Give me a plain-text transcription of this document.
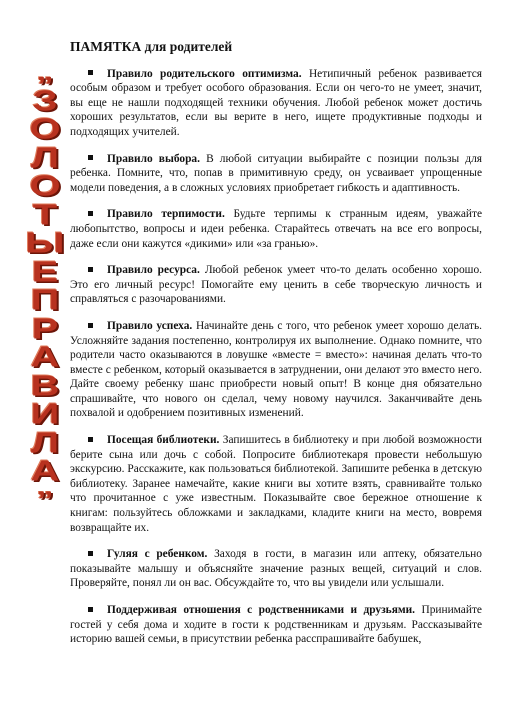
„
З
О
Л
О
Т
Ы
Е
П
Р
А
В
И
Л
А
”
ПАМЯТКА для родителей

Правило родительского оптимизма. Нетипичный ребенок развивается особым образом и требует особого образования. Если он чего-то не умеет, значит, вы еще не нашли подходящей техники обучения. Любой ребенок может достичь хороших результатов, если вы верите в него, ищете продуктивные подходы и подходящих учителей.

Правило выбора. В любой ситуации выбирайте с позиции пользы для ребенка. Помните, что, попав в примитивную среду, он усваивает упрощенные модели поведения, а в сложных условиях приобретает гибкость и адаптивность.

Правило терпимости. Будьте терпимы к странным идеям, уважайте любопытство, вопросы и идеи ребенка. Старайтесь отвечать на все его вопросы, даже если они кажутся «дикими» или «за гранью».

Правило ресурса. Любой ребенок умеет что-то делать особенно хорошо. Это его личный ресурс! Помогайте ему ценить в себе творческую личность и справляться с разочарованиями.

Правило успеха. Начинайте день с того, что ребенок умеет хорошо делать. Усложняйте задания постепенно, контролируя их выполнение. Однако помните, что родители часто оказываются в ловушке «вместе = вместо»: начиная делать что-то вместе с ребенком, который оказывается в затруднении, они делают это вместо него. Дайте своему ребенку шанс приобрести новый опыт! В конце дня обязательно спрашивайте, что нового он сделал, чему новому научился. Заканчивайте день похвалой и одобрением позитивных изменений.

Посещая библиотеки. Запишитесь в библиотеку и при любой возможности берите сына или дочь с собой. Попросите библиотекаря провести небольшую экскурсию. Расскажите, как пользоваться библиотекой. Запишите ребенка в детскую библиотеку. Заранее намечайте, какие книги вы хотите взять, сравнивайте только что прочитанное с уже известным. Показывайте свое бережное отношение к книгам: пользуйтесь обложками и закладками, кладите книги на место, вовремя возвращайте их.

Гуляя с ребенком. Заходя в гости, в магазин или аптеку, обязательно показывайте малышу и объясняйте значение разных вещей, ситуаций и слов. Проверяйте, понял ли он вас. Обсуждайте то, что вы увидели или услышали.

Поддерживая отношения с родственниками и друзьями. Принимайте гостей у себя дома и ходите в гости к родственникам и друзьям. Рассказывайте историю вашей семьи, в присутствии ребенка расспрашивайте бабушек,
